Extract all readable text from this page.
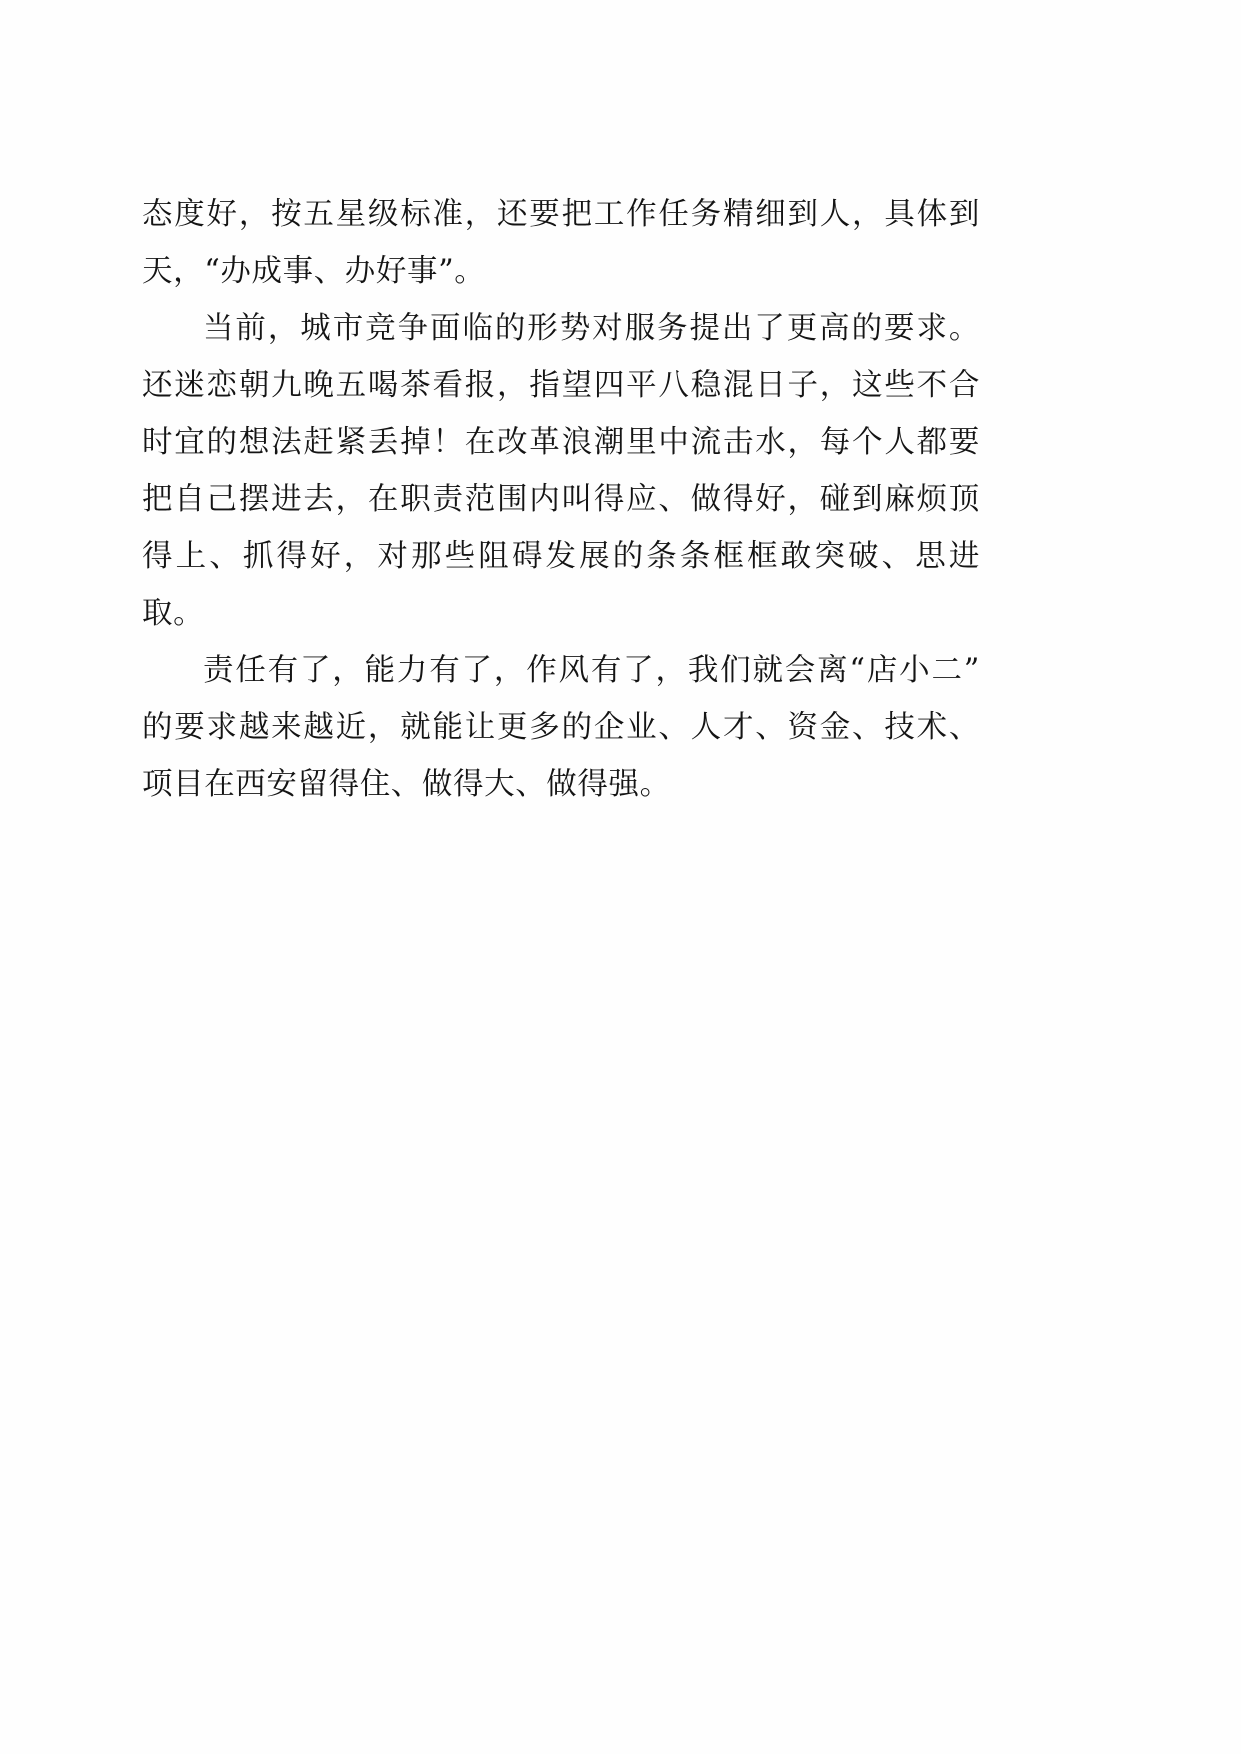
态度好，按五星级标准，还要把工作任务精细到人，具体到天，“办成事、办好事”。

当前，城市竞争面临的形势对服务提出了更高的要求。还迷恋朝九晚五喝茶看报，指望四平八稳混日子，这些不合时宜的想法赶紧丢掉！在改革浪潮里中流击水，每个人都要把自己摆进去，在职责范围内叫得应、做得好，碰到麻烦顶得上、抓得好，对那些阻碍发展的条条框框敢突破、思进取。

责任有了，能力有了，作风有了，我们就会离“店小二”的要求越来越近，就能让更多的企业、人才、资金、技术、项目在西安留得住、做得大、做得强。
